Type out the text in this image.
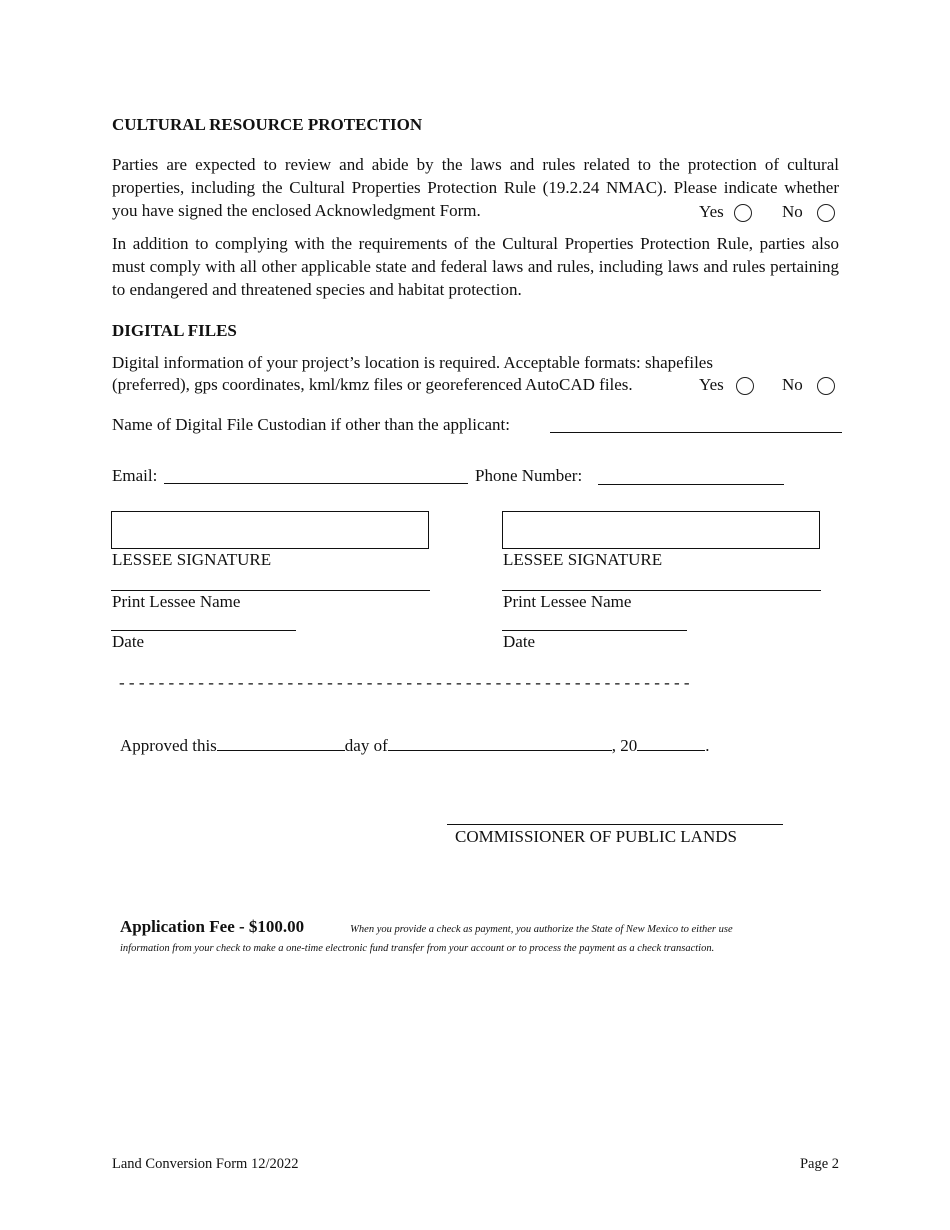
CULTURAL RESOURCE PROTECTION
Parties are expected to review and abide by the laws and rules related to the protection of cultural properties, including the Cultural Properties Protection Rule (19.2.24 NMAC). Please indicate whether you have signed the enclosed Acknowledgment Form.	Yes	No
In addition to complying with the requirements of the Cultural Properties Protection Rule, parties also must comply with all other applicable state and federal laws and rules, including laws and rules pertaining to endangered and threatened species and habitat protection.
DIGITAL FILES
Digital information of your project’s location is required. Acceptable formats: shapefiles
(preferred), gps coordinates, kml/kmz files or georeferenced AutoCAD files.	Yes	No
Name of Digital File Custodian if other than the applicant:
Email:	Phone Number:
LESSEE SIGNATURE
Print Lessee Name
Date
LESSEE SIGNATURE
Print Lessee Name
Date
- - - - - - - - - - - - - - - - - - - - - - - - - - - - - - - - - - - - - - - - - - - - - - - - - - - - - - - - - -
Approved this	day of	, 20	.
COMMISSIONER OF PUBLIC LANDS
Application Fee - $100.00	When you provide a check as payment, you authorize the State of New Mexico to either use information from your check to make a one-time electronic fund transfer from your account or to process the payment as a check transaction.
Land Conversion Form 12/2022	Page 2
